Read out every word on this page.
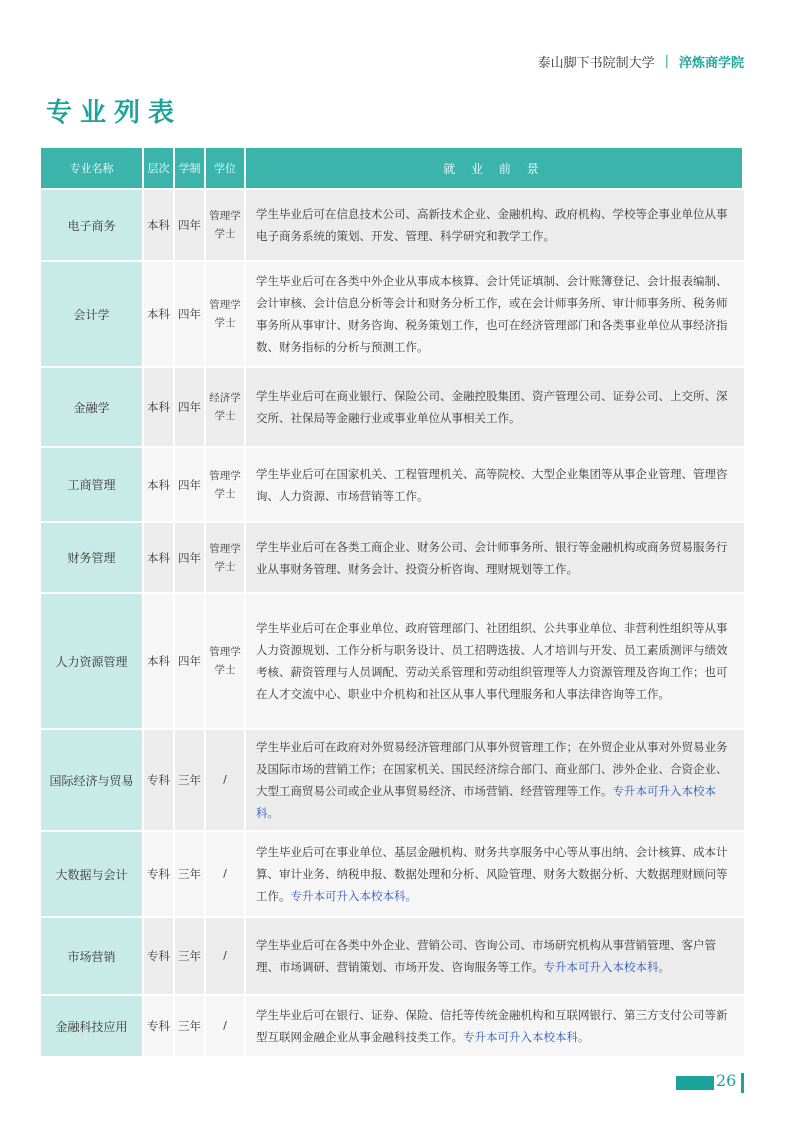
泰山脚下书院制大学 | 淬炼商学院
专业列表
专业名称	层次	学制	学位	就 业 前 景
电子商务	本科	四年	管理学学士	学生毕业后可在信息技术公司、高新技术企业、金融机构、政府机构、学校等企事业单位从事电子商务系统的策划、开发、管理、科学研究和教学工作。
会计学	本科	四年	管理学学士	学生毕业后可在各类中外企业从事成本核算、会计凭证填制、会计账簿登记、会计报表编制、会计审核、会计信息分析等会计和财务分析工作，或在会计师事务所、审计师事务所、税务师事务所从事审计、财务咨询、税务策划工作，也可在经济管理部门和各类事业单位从事经济指数、财务指标的分析与预测工作。
金融学	本科	四年	经济学学士	学生毕业后可在商业银行、保险公司、金融控股集团、资产管理公司、证券公司、上交所、深交所、社保局等金融行业或事业单位从事相关工作。
工商管理	本科	四年	管理学学士	学生毕业后可在国家机关、工程管理机关、高等院校、大型企业集团等从事企业管理、管理咨询、人力资源、市场营销等工作。
财务管理	本科	四年	管理学学士	学生毕业后可在各类工商企业、财务公司、会计师事务所、银行等金融机构或商务贸易服务行业从事财务管理、财务会计、投资分析咨询、理财规划等工作。
人力资源管理	本科	四年	管理学学士	学生毕业后可在企事业单位、政府管理部门、社团组织、公共事业单位、非营利性组织等从事人力资源规划、工作分析与职务设计、员工招聘选拔、人才培训与开发、员工素质测评与绩效考核、薪资管理与人员调配、劳动关系管理和劳动组织管理等人力资源管理及咨询工作；也可在人才交流中心、职业中介机构和社区从事人事代理服务和人事法律咨询等工作。
国际经济与贸易	专科	三年	/	学生毕业后可在政府对外贸易经济管理部门从事外贸管理工作；在外贸企业从事对外贸易业务及国际市场的营销工作；在国家机关、国民经济综合部门、商业部门、涉外企业、合资企业、大型工商贸易公司或企业从事贸易经济、市场营销、经营管理等工作。专升本可升入本校本科。
大数据与会计	专科	三年	/	学生毕业后可在事业单位、基层金融机构、财务共享服务中心等从事出纳、会计核算、成本计算、审计业务、纳税申报、数据处理和分析、风险管理、财务大数据分析、大数据理财顾问等工作。专升本可升入本校本科。
市场营销	专科	三年	/	学生毕业后可在各类中外企业、营销公司、咨询公司、市场研究机构从事营销管理、客户管理、市场调研、营销策划、市场开发、咨询服务等工作。专升本可升入本校本科。
金融科技应用	专科	三年	/	学生毕业后可在银行、证券、保险、信托等传统金融机构和互联网银行、第三方支付公司等新型互联网金融企业从事金融科技类工作。专升本可升入本校本科。
26
